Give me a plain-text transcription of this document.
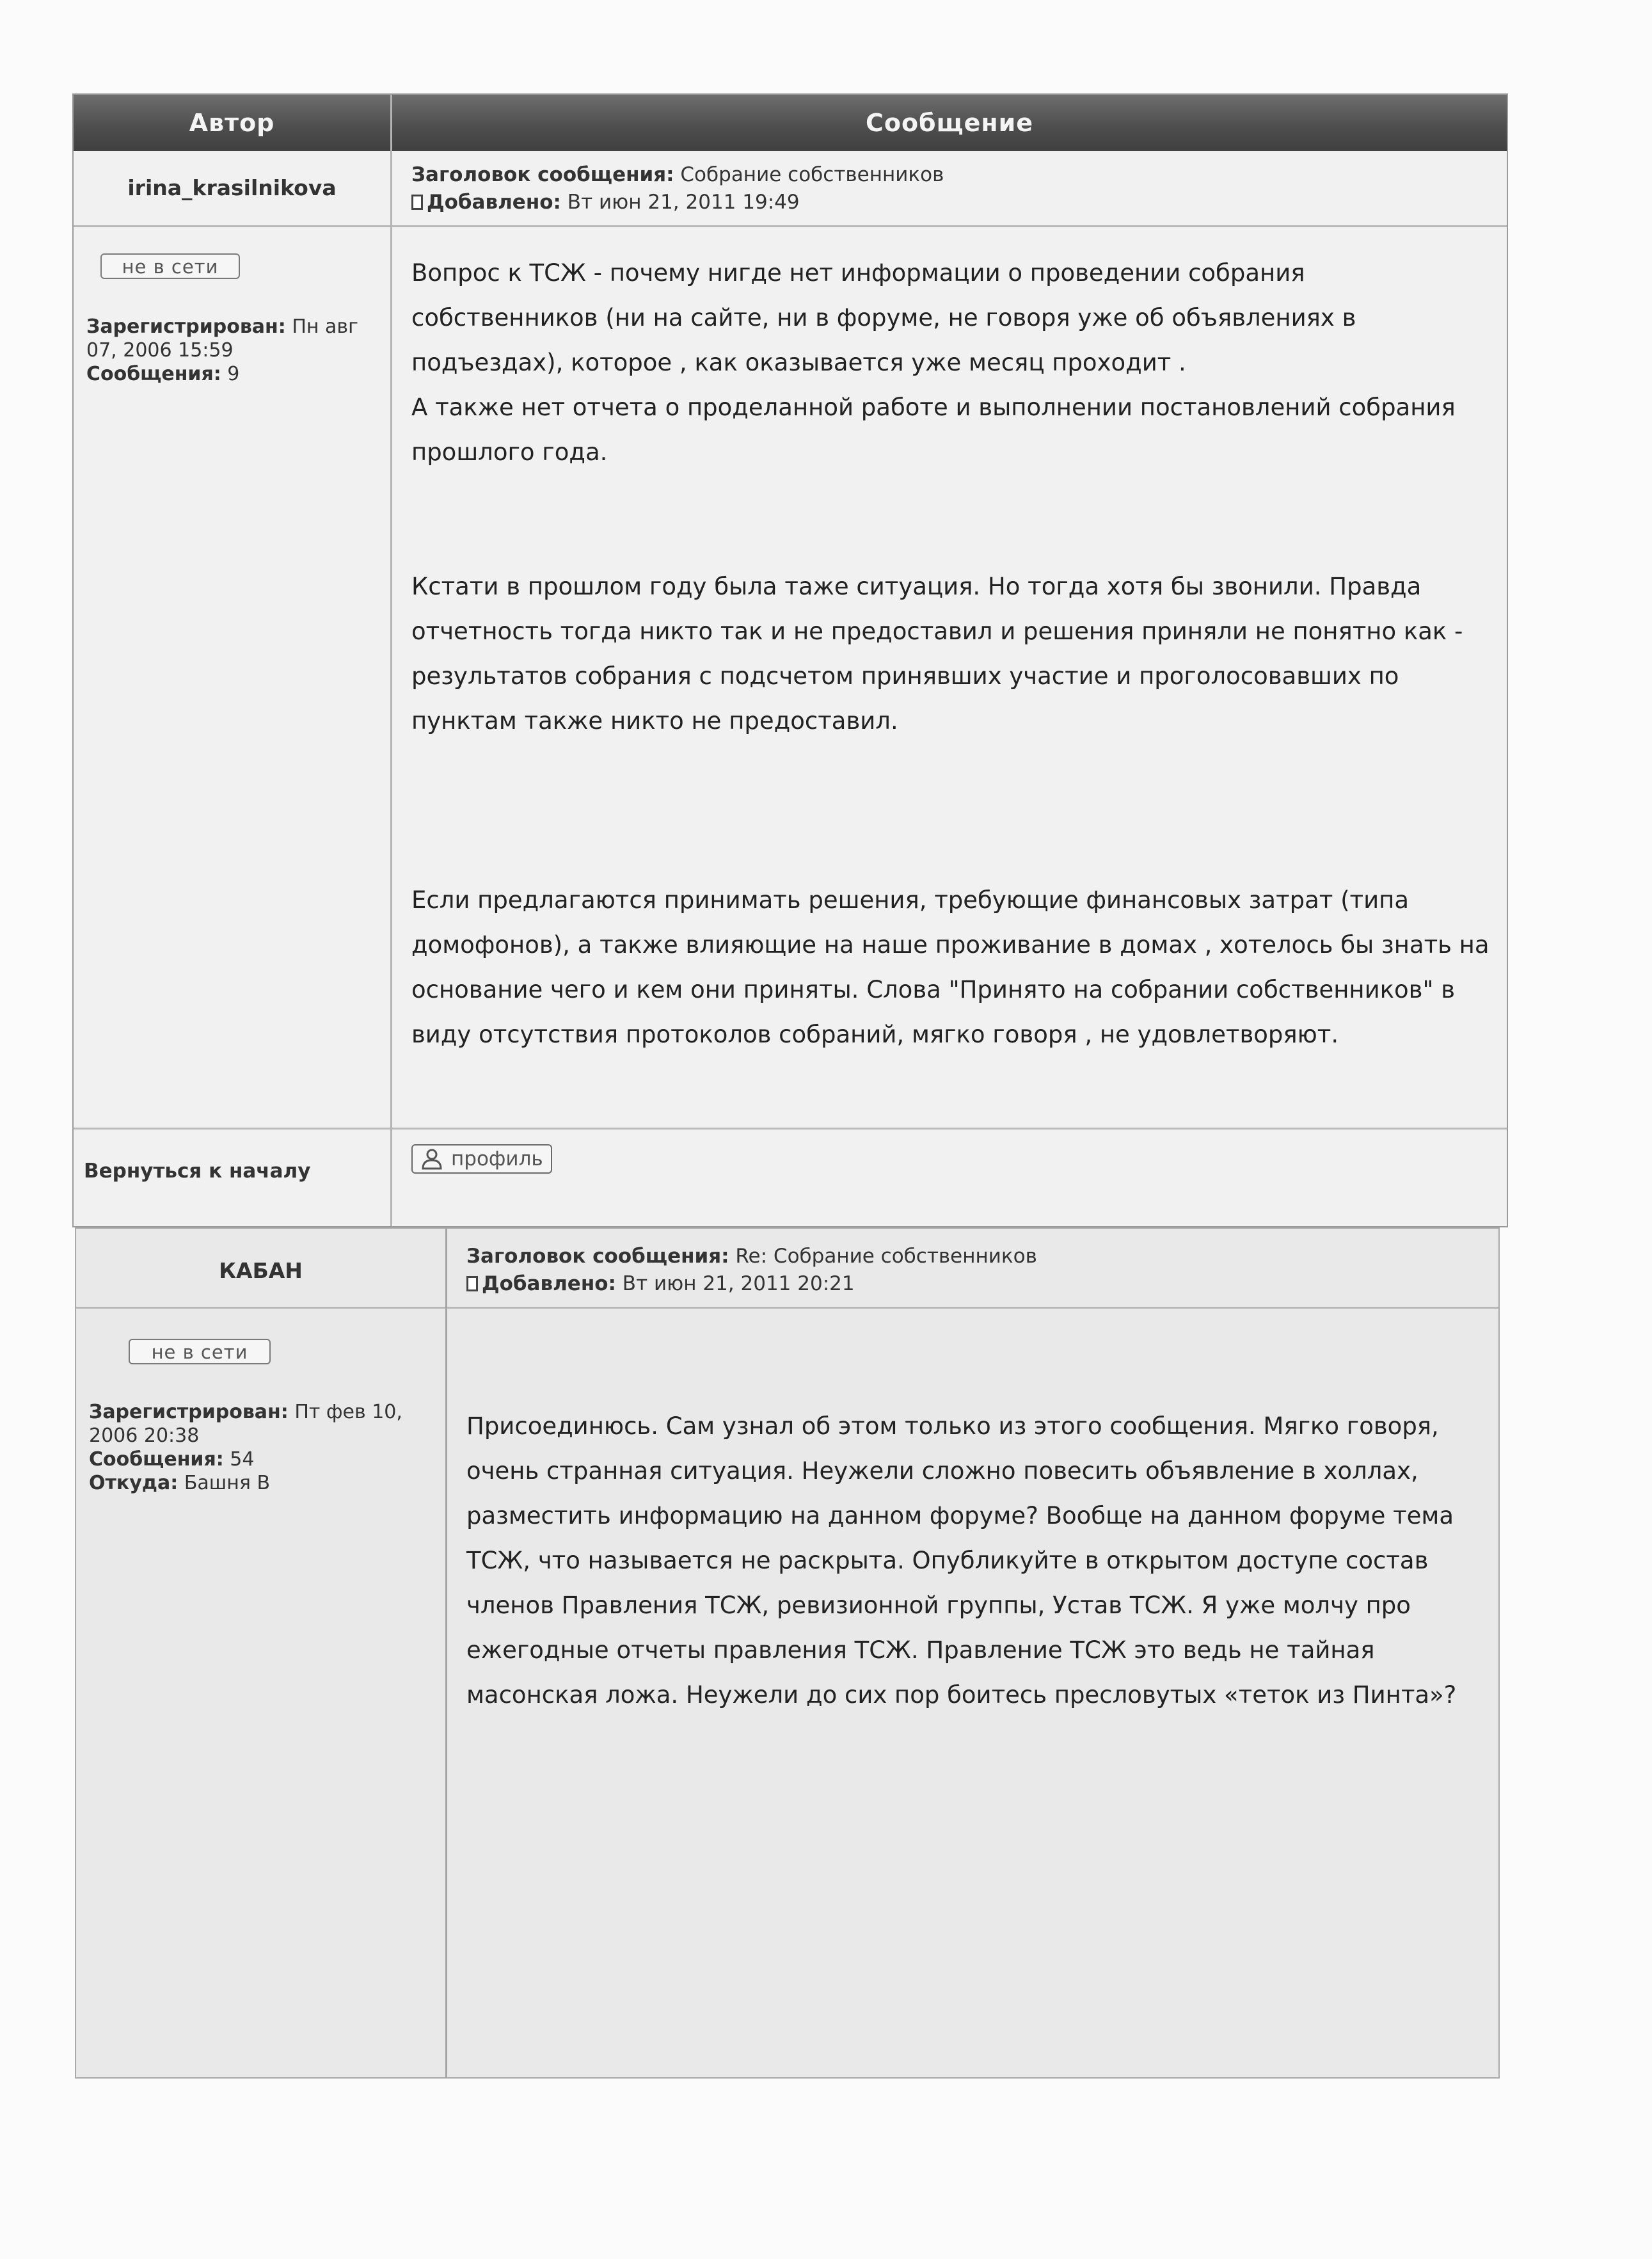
Автор
irina_krasilnikova
не в сети
Зарегистрирован: Пн авг 07, 2006 15:59
Сообщения: 9
Вернуться к началу
Сообщение
Заголовок сообщения: Собрание собственников
Добавлено: Вт июн 21, 2011 19:49

Вопрос к ТСЖ - почему нигде нет информации о проведении собрания

собственников (ни на сайте, ни в форуме, не говоря уже об объявлениях в

подъездах), которое , как оказывается уже месяц проходит .

А также нет отчета о проделанной работе и выполнении постановлений собрания

прошлого года.

Кстати в прошлом году была таже ситуация. Но тогда хотя бы звонили. Правда

отчетность тогда никто так и не предоставил и решения приняли не понятно как -

результатов собрания с подсчетом принявших участие и проголосовавших по

пунктам также никто не предоставил.

Если предлагаются принимать решения, требующие финансовых затрат (типа

домофонов), а также влияющие на наше проживание в домах , хотелось бы знать на

основание чего и кем они приняты. Слова "Принято на собрании собственников" в

виду отсутствия протоколов собраний, мягко говоря , не удовлетворяют.

профиль
КАБАН
не в сети
Зарегистрирован: Пт фев 10, 2006 20:38
Сообщения: 54
Откуда: Башня В
Заголовок сообщения: Re: Собрание собственников
Добавлено: Вт июн 21, 2011 20:21

Присоединюсь. Сам узнал об этом только из этого сообщения. Мягко говоря,

очень странная ситуация. Неужели сложно повесить объявление в холлах,

разместить информацию на данном форуме? Вообще на данном форуме тема

ТСЖ, что называется не раскрыта. Опубликуйте в открытом доступе состав

членов Правления ТСЖ, ревизионной группы, Устав ТСЖ. Я уже молчу про

ежегодные отчеты правления ТСЖ. Правление ТСЖ это ведь не тайная

масонская ложа. Неужели до сих пор боитесь пресловутых «теток из Пинта»?
